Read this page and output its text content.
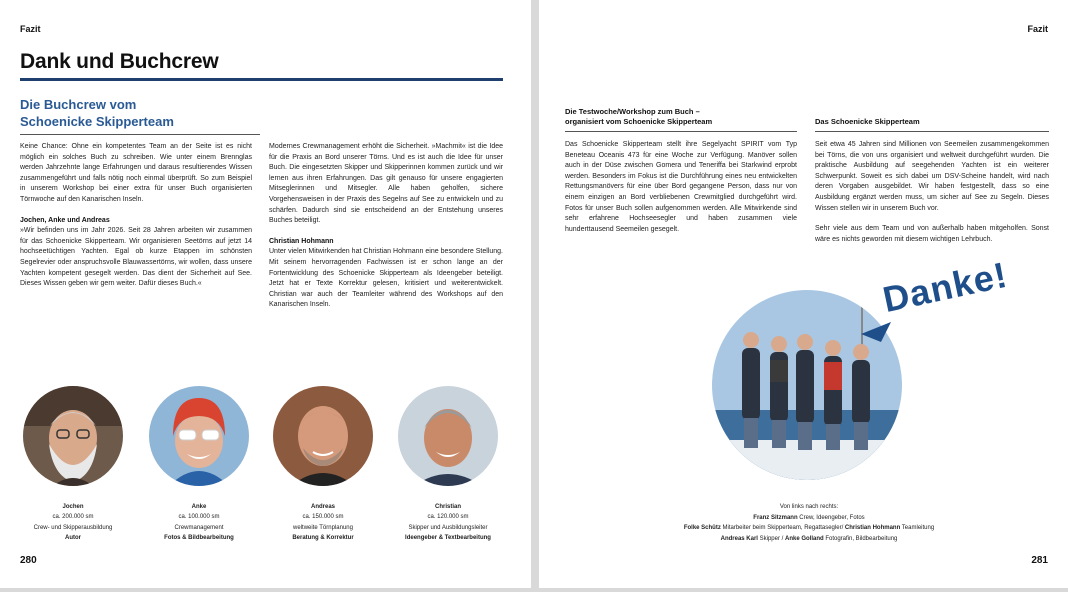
Fazit
Dank und Buchcrew
Die Buchcrew vom
Schoenicke Skipperteam

Keine Chance: Ohne ein kompetentes Team an der Seite ist es nicht möglich ein solches Buch zu schreiben. Wie unter einem Brennglas werden Jahrzehnte lange Erfahrungen und daraus resultierendes Wissen zusammengeführt und falls nötig noch einmal überprüft. So zum Beispiel in unserem Workshop bei einer extra für unser Buch organisierten Törnwoche auf den Kanarischen Inseln.

Jochen, Anke und Andreas

»Wir befinden uns im Jahr 2026. Seit 28 Jahren arbeiten wir zusammen für das Schoenicke Skipperteam. Wir organisieren Seetörns auf jetzt 14 hochseetüchtigen Yachten. Egal ob kurze Etappen im schönsten Segelrevier oder anspruchsvolle Blauwassertörns, wir wollen, dass unsere Yachten kompetent gesegelt werden. Das dient der Sicherheit auf See. Dieses Wissen geben wir gern weiter. Dafür dieses Buch.«

Modernes Crewmanagement erhöht die Sicherheit. »Machmit« ist die Idee für die Praxis an Bord unserer Törns. Und es ist auch die Idee für unser Buch. Die eingesetzten Skipper und Skipperinnen kommen zurück und wir lernen aus ihren Erfahrungen. Das gilt genauso für unsere engagierten Mitseglerinnen und Mitsegler. Alle haben geholfen, sichere Vorgehensweisen in der Praxis des Segelns auf See zu entwickeln und zu schärfen. Dadurch sind sie entscheidend an der Entstehung unseres Buches beteiligt.

Christian Hohmann

Unter vielen Mitwirkenden hat Christian Hohmann eine besondere Stellung. Mit seinem hervorragenden Fachwissen ist er schon lange an der Fortentwicklung des Schoenicke Skipperteam als Ideengeber beteiligt. Jetzt hat er Texte Korrektur gelesen, kritisiert und weiterentwickelt. Christian war auch der Teamleiter während des Workshops auf den Kanarischen Inseln.

Jochen
ca. 200.000 sm
Crew- und Skipperausbildung
Autor
Anke
ca. 100.000 sm
Crewmanagement
Fotos & Bildbearbeitung
Andreas
ca. 150.000 sm
weltweite Törnplanung
Beratung & Korrektur
Christian
ca. 120.000 sm
Skipper und Ausbildungsleiter
Ideengeber & Textbearbeitung
280
Fazit
Die Testwoche/Workshop zum Buch –
organisiert vom Schoenicke Skipperteam

Das Schoenicke Skipperteam stellt ihre Segelyacht SPIRIT vom Typ Beneteau Oceanis 473 für eine Woche zur Verfügung. Manöver sollen auch in der Düse zwischen Gomera und Teneriffa bei Starkwind erprobt werden. Besonders im Fokus ist die Durchführung eines neu entwickelten Rettungsmanövers für eine über Bord gegangene Person, dass nur von einem einzigen an Bord verbliebenen Crewmitglied durchgeführt wird. Fotos für unser Buch sollen aufgenommen werden. Alle Mitwirkende sind sehr erfahrene Hochseesegler und haben zusammen viele hunderttausend Seemeilen gesegelt.

Das Schoenicke Skipperteam

Seit etwa 45 Jahren sind Millionen von Seemeilen zusammengekommen bei Törns, die von uns organisiert und weltweit durchgeführt wurden. Die praktische Ausbildung auf seegehenden Yachten ist ein weiterer Schwerpunkt. Soweit es sich dabei um DSV-Scheine handelt, wird nach deren Vorgaben ausgebildet. Wir haben festgestellt, dass so eine Ausbildung ergänzt werden muss, um sicher auf See zu Segeln. Dieses Wissen stellen wir in unserem Buch vor.

Sehr viele aus dem Team und von außerhalb haben mitgeholfen. Sonst wäre es nichts geworden mit diesem wichtigen Lehrbuch.

Danke!
Von links nach rechts:
Franz Sitzmann Crew, Ideengeber, Fotos
Folke Schütz Mitarbeiter beim Skipperteam, Regattasegler/ Christian Hohmann Teamleitung
Andreas Karl Skipper / Anke Golland Fotografin, Bildbearbeitung
281
